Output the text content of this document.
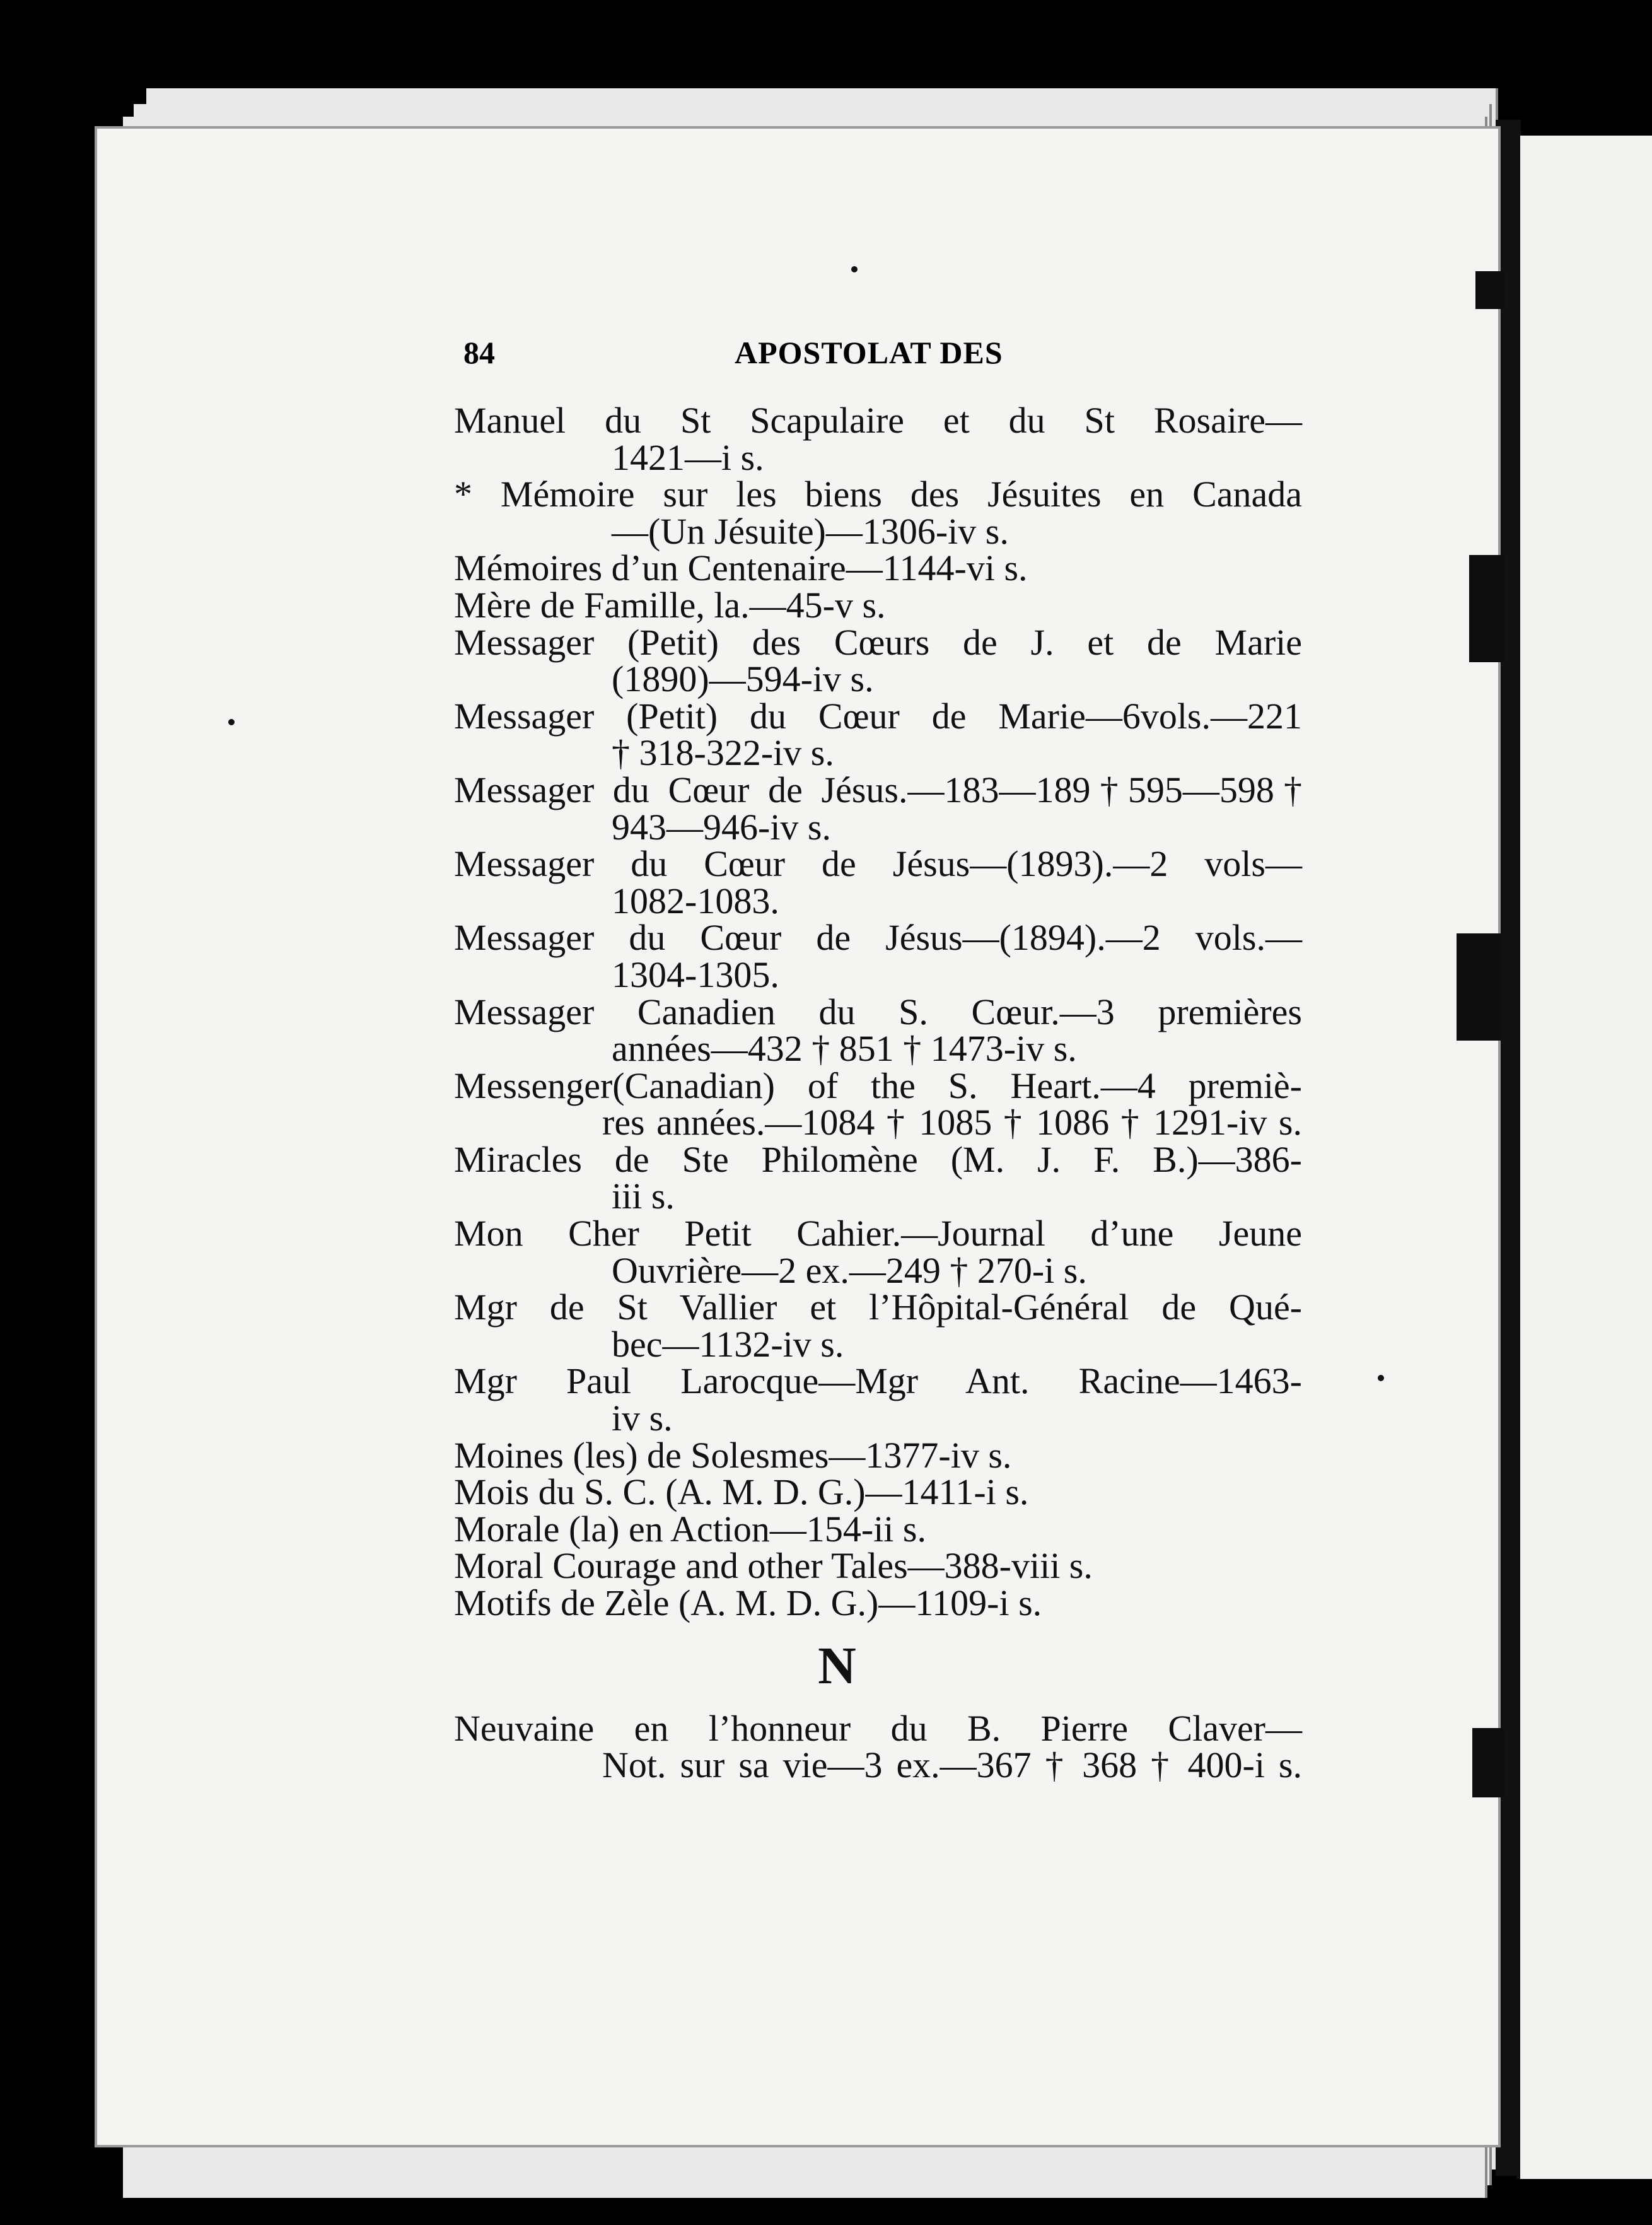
84	APOSTOLAT DES
Manuel du St Scapulaire et du St Rosaire—
1421—i s.
* Mémoire sur les biens des Jésuites en Canada
—(Un Jésuite)—1306-iv s.
Mémoires d’un Centenaire—1144-vi s.
Mère de Famille, la.—45-v s.
Messager (Petit) des Cœurs de J. et de Marie
(1890)—594-iv s.
Messager (Petit) du Cœur de Marie—6vols.—221
† 318-322-iv s.
Messager du Cœur de Jésus.—183—189†595—598†
943—946-iv s.
Messager du Cœur de Jésus—(1893).—2 vols—
1082-1083.
Messager du Cœur de Jésus—(1894).—2 vols.—
1304-1305.
Messager Canadien du S. Cœur.—3 premières
années—432 † 851 † 1473-iv s.
Messenger(Canadian) of the S. Heart.—4 premiè-
res années.—1084 † 1085 † 1086 † 1291-iv s.
Miracles de Ste Philomène (M. J. F. B.)—386-
iii s.
Mon Cher Petit Cahier.—Journal d’une Jeune
Ouvrière—2 ex.—249 † 270-i s.
Mgr de St Vallier et l’Hôpital-Général de Qué-
bec—1132-iv s.
Mgr Paul Larocque—Mgr Ant. Racine—1463-
iv s.
Moines (les) de Solesmes—1377-iv s.
Mois du S. C. (A. M. D. G.)—1411-i s.
Morale (la) en Action—154-ii s.
Moral Courage and other Tales—388-viii s.
Motifs de Zèle (A. M. D. G.)—1109-i s.
N
Neuvaine en l’honneur du B. Pierre Claver—
Not. sur sa vie—3 ex.—367 † 368 † 400-i s.
